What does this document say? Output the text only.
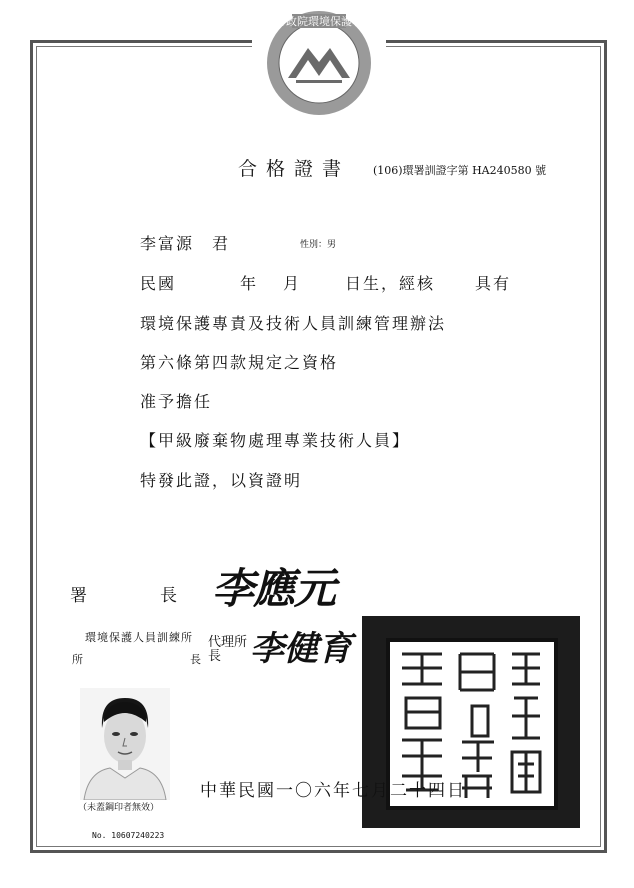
行政院環境保護署
合格證書 (106)環署訓證字第 HA240580 號
李富源　君	性別：男
民國	年 月	日生，經核 具有
環境保護專責及技術人員訓練管理辦法
第六條第四款規定之資格
准予擔任
【甲級廢棄物處理專業技術人員】
特發此證，以資證明
署	長 李應元
環境保護人員訓練所
所	長
代理所長 李健育
（未蓋鋼印者無效）
No. 10607240223
中華民國一〇六年七月二十四日
